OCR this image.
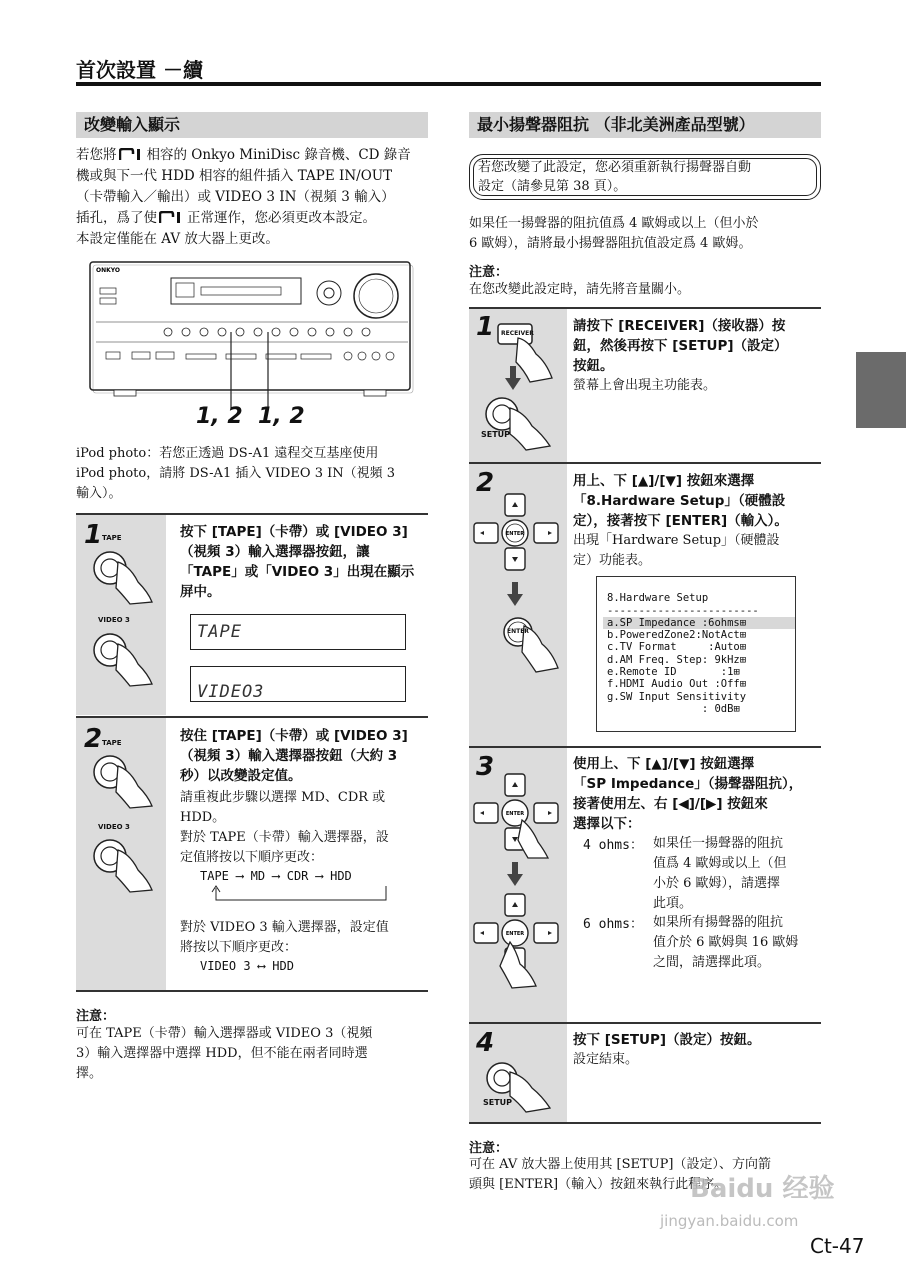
首次設置 －續
改變輸入顯示
若您將 相容的 Onkyo MiniDisc 錄音機、CD 錄音
機或與下一代 HDD 相容的組件插入 TAPE IN/OUT
（卡帶輸入／輸出）或 VIDEO 3 IN（視頻 3 輸入）
插孔，爲了使 正常運作，您必須更改本設定。
本設定僅能在 AV 放大器上更改。
ONKYO
1, 2 1, 2
iPod photo：若您正透過 DS-A1 遠程交互基座使用
iPod photo，請將 DS-A1 插入 VIDEO 3 IN（視頻 3
輸入）。
1 TAPE
VIDEO 3
按下 [TAPE]（卡帶）或 [VIDEO 3]
（視頻 3）輸入選擇器按鈕，讓
「TAPE」或「VIDEO 3」出現在顯示
屏中。
TAPE
VIDEO3
2 TAPE
VIDEO 3
按住 [TAPE]（卡帶）或 [VIDEO 3]
（視頻 3）輸入選擇器按鈕（大約 3
秒）以改變設定值。
請重複此步驟以選擇 MD、CDR 或
HDD。
對於 TAPE（卡帶）輸入選擇器，設
定值將按以下順序更改：
TAPE ⟶ MD ⟶ CDR ⟶ HDD
對於 VIDEO 3 輸入選擇器，設定值
將按以下順序更改：
VIDEO 3 ⟷ HDD
注意：
可在 TAPE（卡帶）輸入選擇器或 VIDEO 3（視頻
3）輸入選擇器中選擇 HDD，但不能在兩者同時選
擇。
最小揚聲器阻抗 （非北美洲產品型號）
若您改變了此設定，您必須重新執行揚聲器自動
設定（請參見第 38 頁）。
如果任一揚聲器的阻抗值爲 4 歐姆或以上（但小於
6 歐姆），請將最小揚聲器阻抗值設定爲 4 歐姆。
注意：
在您改變此設定時，請先將音量關小。
1 RECEIVER
SETUP
請按下 [RECEIVER]（接收器）按
鈕，然後再按下 [SETUP]（設定）
按鈕。
螢幕上會出現主功能表。
2
ENTER
ENTER
用上、下 [▲]/[▼] 按鈕來選擇
「8.Hardware Setup」（硬體設
定），接著按下 [ENTER]（輸入）。
出現「Hardware Setup」（硬體設
定）功能表。

8.Hardware Setup
------------------------
a.SP Impedance :6ohms⊞
b.PoweredZone2:NotAct⊞
c.TV Format     :Auto⊞
d.AM Freq. Step: 9kHz⊞
e.Remote ID       :1⊞
f.HDMI Audio Out :Off⊞
g.SW Input Sensitivity
: 0dB⊞

3
ENTER
ENTER
使用上、下 [▲]/[▼] 按鈕選擇
「SP Impedance」（揚聲器阻抗），
接著使用左、右 [◀]/[▶] 按鈕來
選擇以下：
4 ohms： 如果任一揚聲器的阻抗
值爲 4 歐姆或以上（但
小於 6 歐姆），請選擇
此項。
6 ohms： 如果所有揚聲器的阻抗
值介於 6 歐姆與 16 歐姆
之間，請選擇此項。
4
SETUP
按下 [SETUP]（設定）按鈕。
設定結束。
注意：
可在 AV 放大器上使用其 [SETUP]（設定）、方向箭
頭與 [ENTER]（輸入）按鈕來執行此程序。
Baidu 经验
jingyan.baidu.com
Ct-47
